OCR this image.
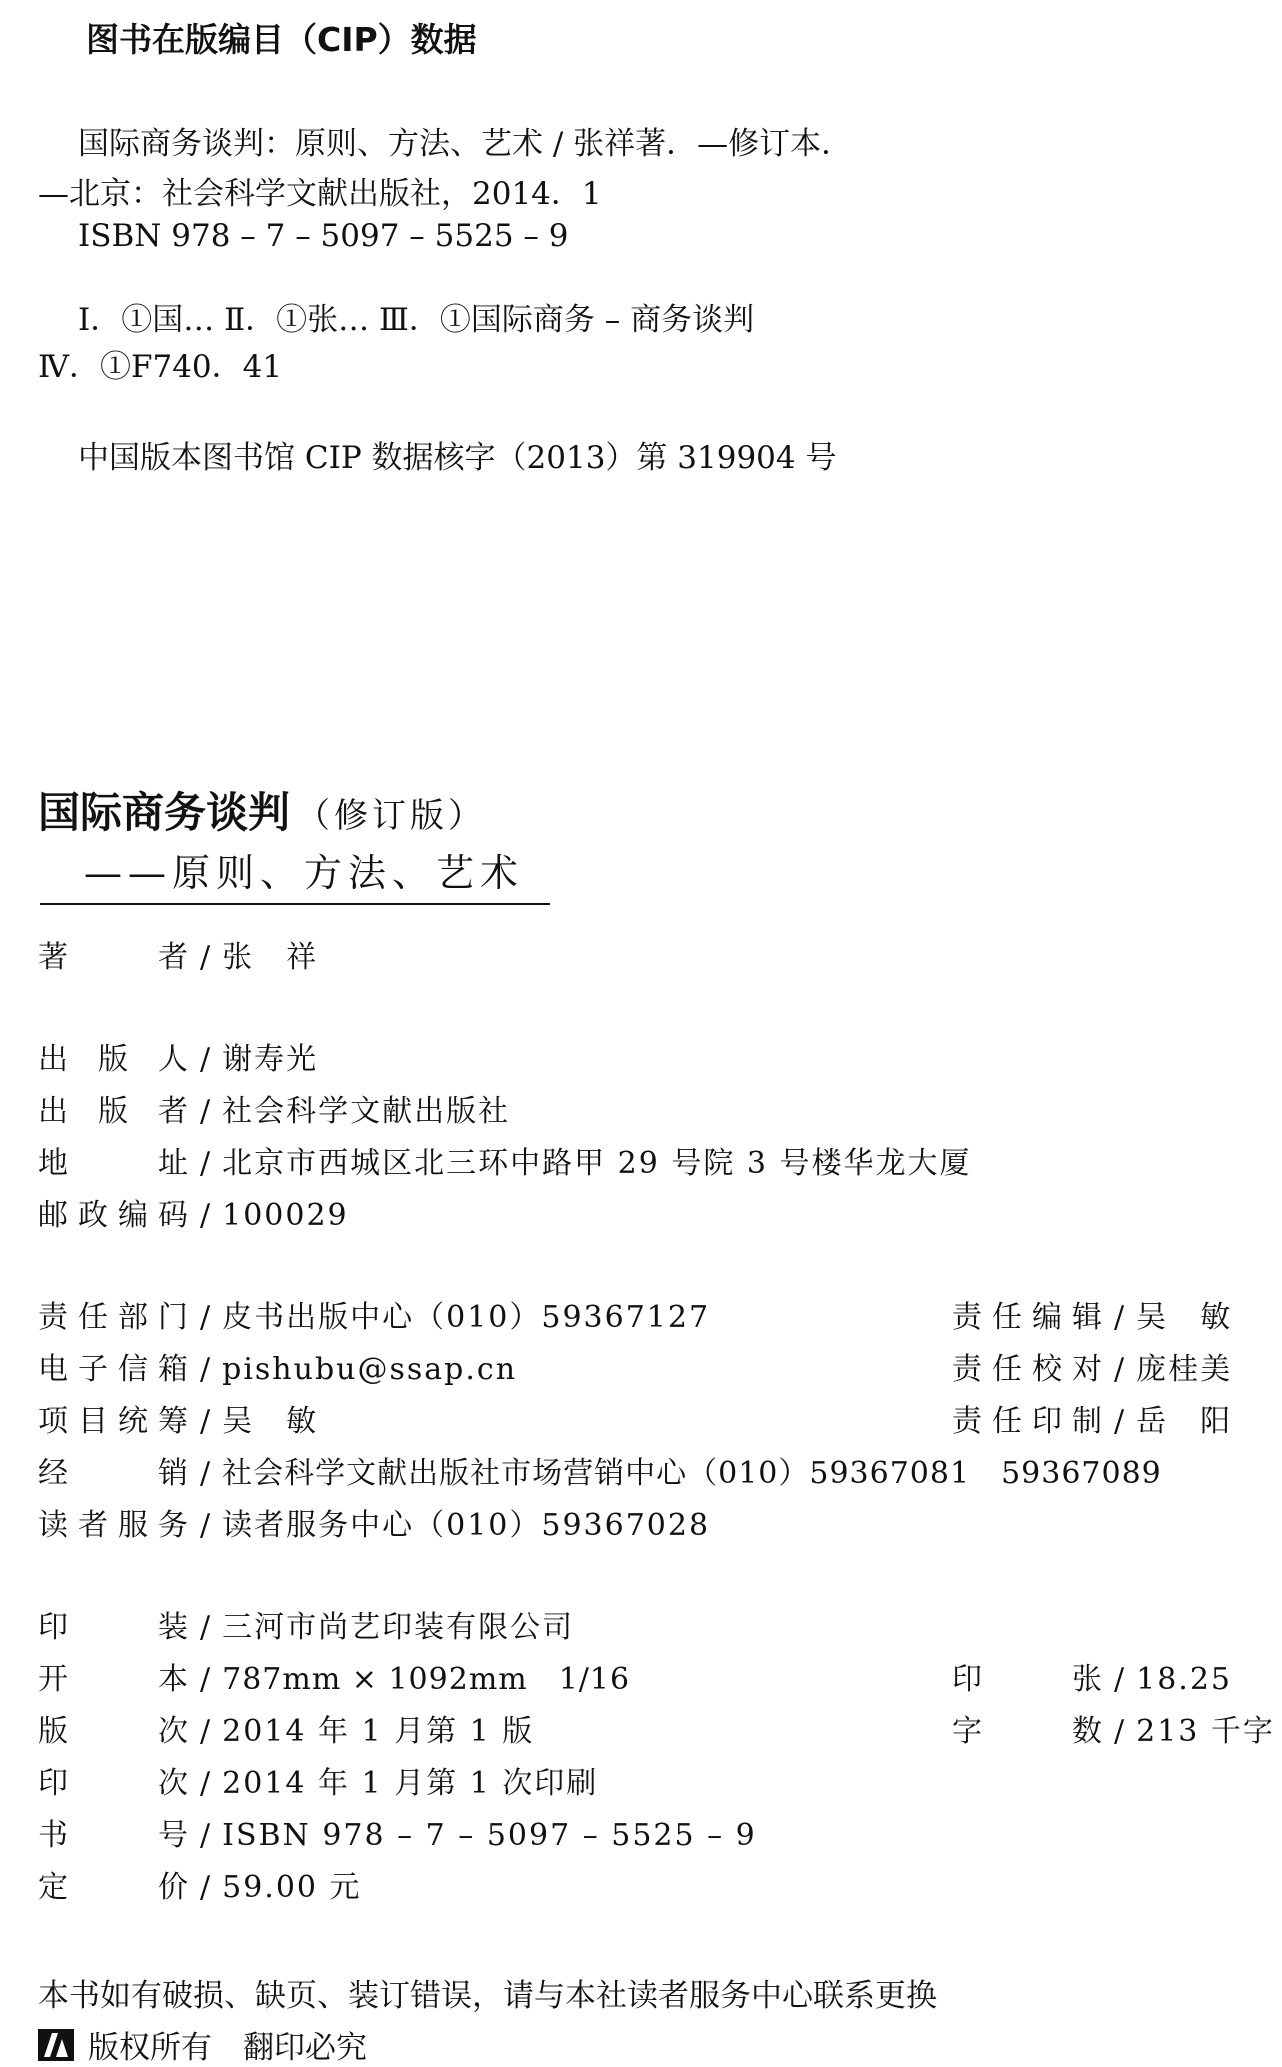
图书在版编目（CIP）数据
国际商务谈判：原则、方法、艺术 / 张祥著．—修订本．
—北京：社会科学文献出版社，2014．1
ISBN 978 – 7 – 5097 – 5525 – 9
Ⅰ．①国… Ⅱ．①张… Ⅲ．①国际商务 – 商务谈判
Ⅳ．①F740．41
中国版本图书馆 CIP 数据核字（2013）第 319904 号
国际商务谈判 （修订版）
——原则、方法、艺术
著　　者 / 张　祥
出 版 人 / 谢寿光
出 版 者 / 社会科学文献出版社
地　　址 / 北京市西城区北三环中路甲 29 号院 3 号楼华龙大厦
邮政编码 / 100029
责任部门 / 皮书出版中心（010）59367127
电子信箱 / pishubu@ssap.cn
项目统筹 / 吴　敏
经　　销 / 社会科学文献出版社市场营销中心（010）59367081　59367089
读者服务 / 读者服务中心（010）59367028
责任编辑 / 吴　敏
责任校对 / 庞桂美
责任印制 / 岳　阳
印　　装 / 三河市尚艺印装有限公司
开　　本 / 787mm × 1092mm　1/16
版　　次 / 2014 年 1 月第 1 版
印　　次 / 2014 年 1 月第 1 次印刷
书　　号 / ISBN 978 – 7 – 5097 – 5525 – 9
定　　价 / 59.00 元
印　　张 / 18.25
字　　数 / 213 千字
本书如有破损、缺页、装订错误，请与本社读者服务中心联系更换
版权所有　翻印必究
